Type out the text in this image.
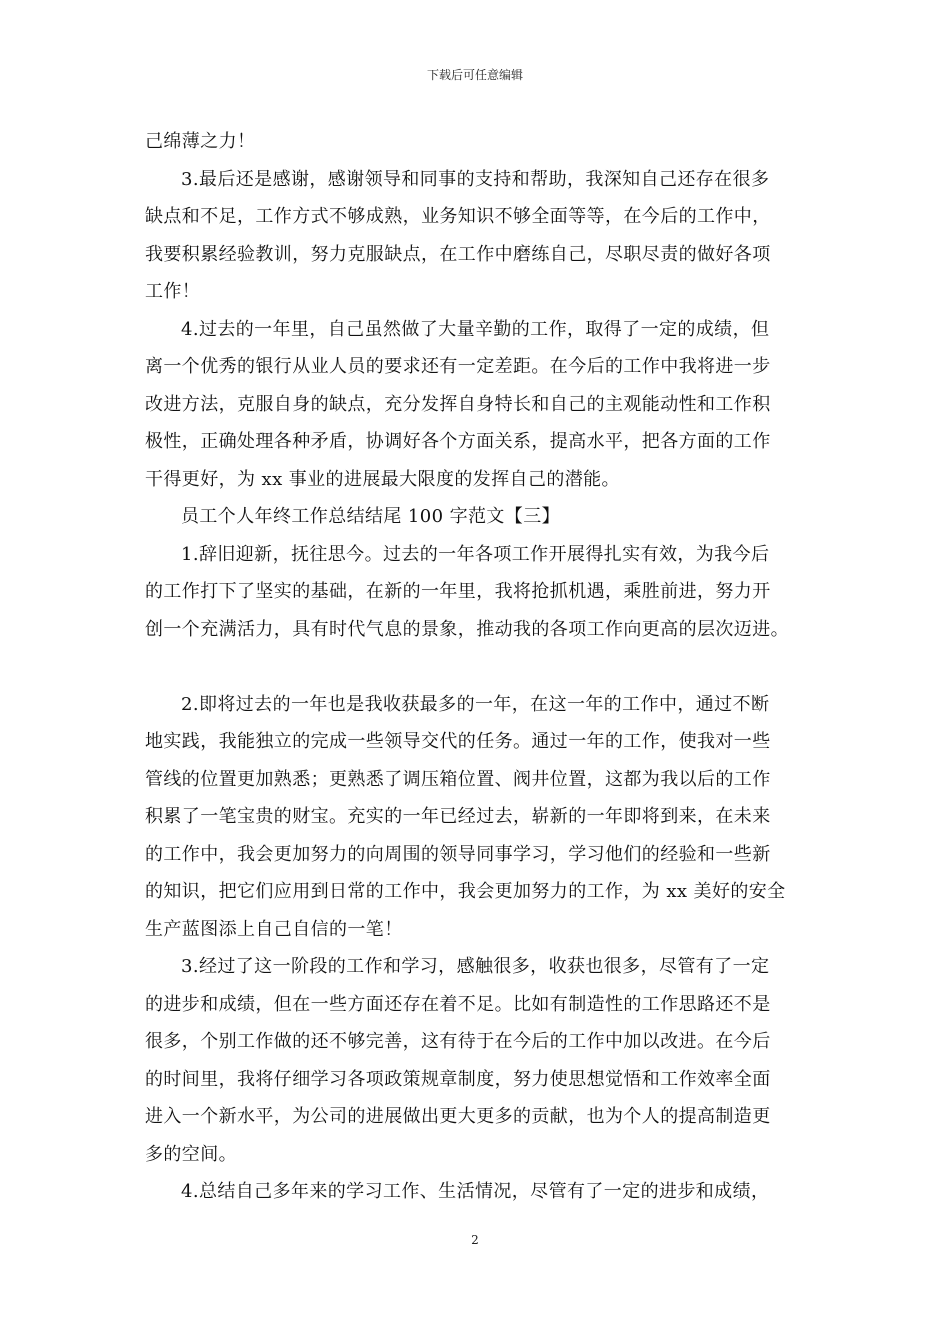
下载后可任意编辑
己绵薄之力！
3.最后还是感谢，感谢领导和同事的支持和帮助，我深知自己还存在很多
缺点和不足，工作方式不够成熟，业务知识不够全面等等，在今后的工作中，
我要积累经验教训，努力克服缺点，在工作中磨练自己，尽职尽责的做好各项
工作！
4.过去的一年里，自己虽然做了大量辛勤的工作，取得了一定的成绩，但
离一个优秀的银行从业人员的要求还有一定差距。在今后的工作中我将进一步
改进方法，克服自身的缺点，充分发挥自身特长和自己的主观能动性和工作积
极性，正确处理各种矛盾，协调好各个方面关系，提高水平，把各方面的工作
干得更好，为 xx 事业的进展最大限度的发挥自己的潜能。
员工个人年终工作总结结尾 100 字范文【三】
1.辞旧迎新，抚往思今。过去的一年各项工作开展得扎实有效，为我今后
的工作打下了坚实的基础，在新的一年里，我将抢抓机遇，乘胜前进，努力开
创一个充满活力，具有时代气息的景象，推动我的各项工作向更高的层次迈进。
2.即将过去的一年也是我收获最多的一年，在这一年的工作中，通过不断
地实践，我能独立的完成一些领导交代的任务。通过一年的工作，使我对一些
管线的位置更加熟悉；更熟悉了调压箱位置、阀井位置，这都为我以后的工作
积累了一笔宝贵的财宝。充实的一年已经过去，崭新的一年即将到来，在未来
的工作中，我会更加努力的向周围的领导同事学习，学习他们的经验和一些新
的知识，把它们应用到日常的工作中，我会更加努力的工作，为 xx 美好的安全
生产蓝图添上自己自信的一笔！
3.经过了这一阶段的工作和学习，感触很多，收获也很多，尽管有了一定
的进步和成绩，但在一些方面还存在着不足。比如有制造性的工作思路还不是
很多，个别工作做的还不够完善，这有待于在今后的工作中加以改进。在今后
的时间里，我将仔细学习各项政策规章制度，努力使思想觉悟和工作效率全面
进入一个新水平，为公司的进展做出更大更多的贡献，也为个人的提高制造更
多的空间。
4.总结自己多年来的学习工作、生活情况，尽管有了一定的进步和成绩，
2
